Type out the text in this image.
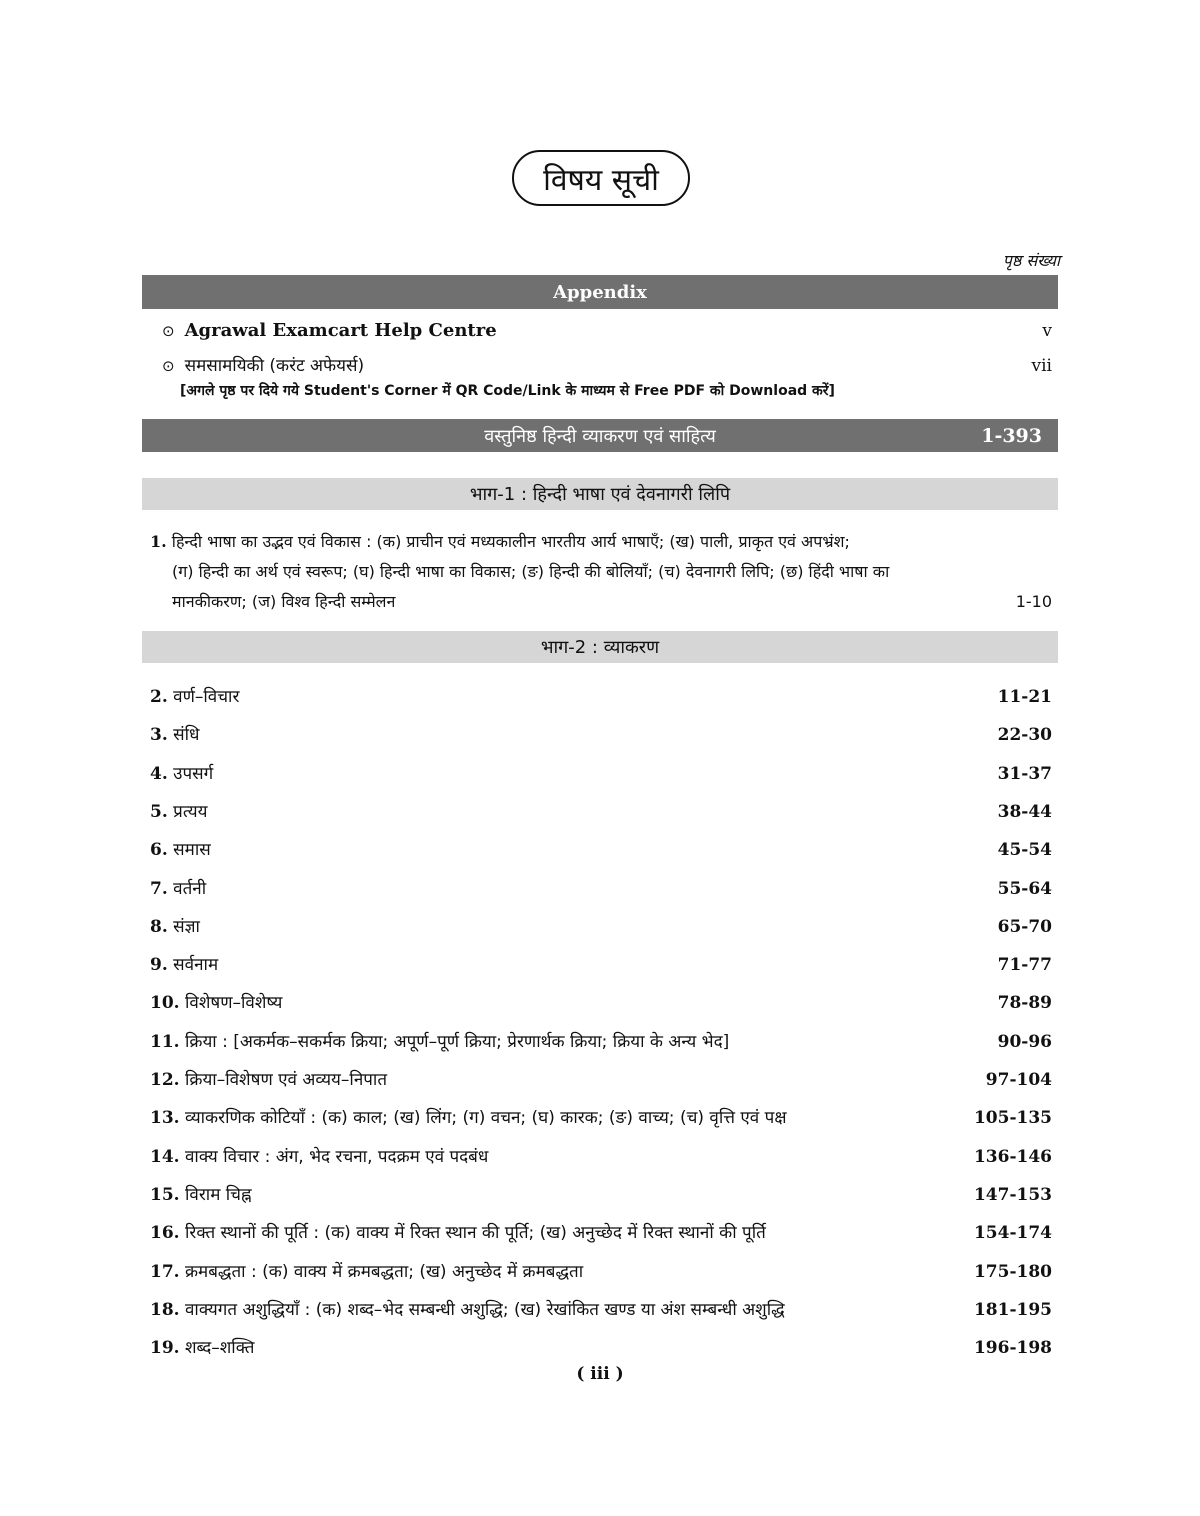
विषय सूची
पृष्ठ संख्या
Appendix
⊙ Agrawal Examcart Help Centre	v
⊙ समसामयिकी (करंट अफेयर्स)	vii
[अगले पृष्ठ पर दिये गये Student's Corner में QR Code/Link के माध्यम से Free PDF को Download करें]
वस्तुनिष्ठ हिन्दी व्याकरण एवं साहित्य	1-393
भाग-1 : हिन्दी भाषा एवं देवनागरी लिपि
1. हिन्दी भाषा का उद्भव एवं विकास : (क) प्राचीन एवं मध्यकालीन भारतीय आर्य भाषाएँ; (ख) पाली, प्राकृत एवं अपभ्रंश;
(ग) हिन्दी का अर्थ एवं स्वरूप; (घ) हिन्दी भाषा का विकास; (ङ) हिन्दी की बोलियाँ; (च) देवनागरी लिपि; (छ) हिंदी भाषा का
मानकीकरण; (ज) विश्व हिन्दी सम्मेलन	1-10
भाग-2 : व्याकरण
2. वर्ण–विचार	11-21
3. संधि	22-30
4. उपसर्ग	31-37
5. प्रत्यय	38-44
6. समास	45-54
7. वर्तनी	55-64
8. संज्ञा	65-70
9. सर्वनाम	71-77
10. विशेषण–विशेष्य	78-89
11. क्रिया : [अकर्मक–सकर्मक क्रिया; अपूर्ण–पूर्ण क्रिया; प्रेरणार्थक क्रिया; क्रिया के अन्य भेद]	90-96
12. क्रिया–विशेषण एवं अव्यय–निपात	97-104
13. व्याकरणिक कोटियाँ : (क) काल; (ख) लिंग; (ग) वचन; (घ) कारक; (ङ) वाच्य; (च) वृत्ति एवं पक्ष	105-135
14. वाक्य विचार : अंग, भेद रचना, पदक्रम एवं पदबंध	136-146
15. विराम चिह्न	147-153
16. रिक्त स्थानों की पूर्ति : (क) वाक्य में रिक्त स्थान की पूर्ति; (ख) अनुच्छेद में रिक्त स्थानों की पूर्ति	154-174
17. क्रमबद्धता : (क) वाक्य में क्रमबद्धता; (ख) अनुच्छेद में क्रमबद्धता	175-180
18. वाक्यगत अशुद्धियाँ : (क) शब्द–भेद सम्बन्धी अशुद्धि; (ख) रेखांकित खण्ड या अंश सम्बन्धी अशुद्धि	181-195
19. शब्द–शक्ति	196-198
( iii )
